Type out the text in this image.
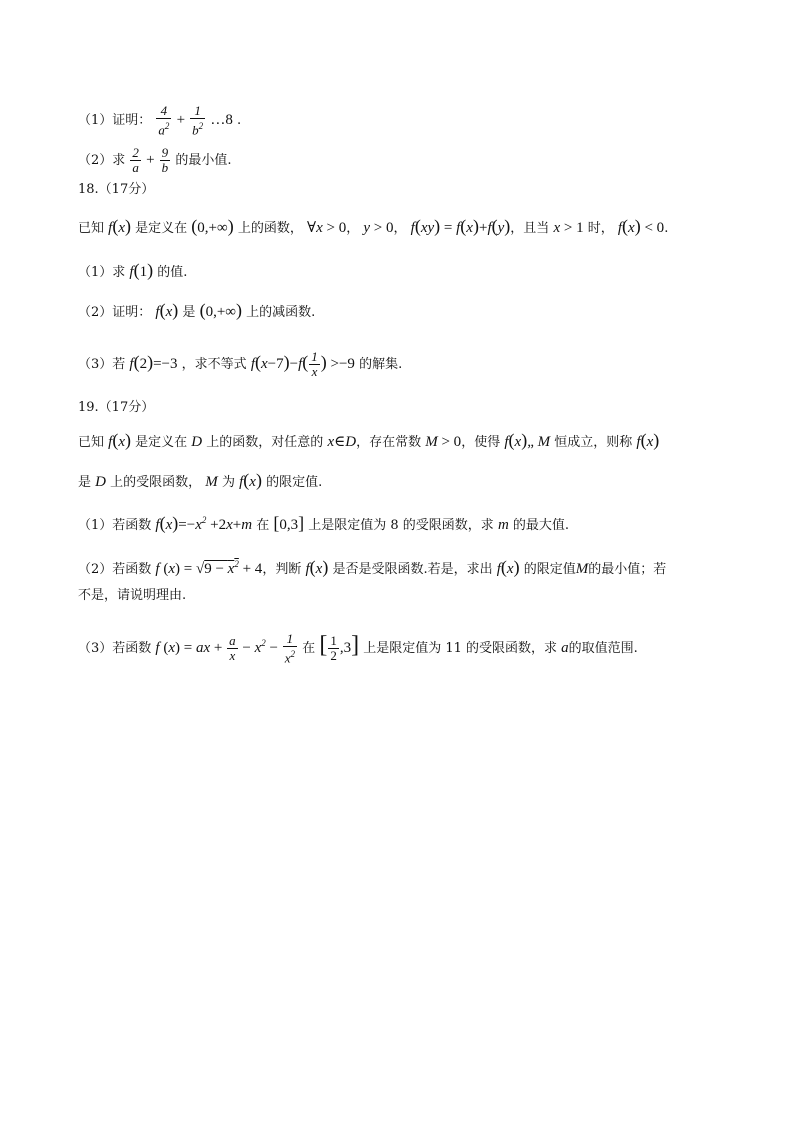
（1）证明： $\frac{4}{a^2} + \frac{1}{b^2}$ …8 .
（2）求 $\frac{2}{a} + \frac{9}{b}$ 的最小值.
18.（17分）
已知 f(x) 是定义在 (0,+∞) 上的函数， ∀x > 0， y > 0， f(xy) = f(x)+f(y)，且当 x > 1 时， f(x) < 0.
（1）求 f(1) 的值.
（2）证明： f(x) 是 (0,+∞) 上的减函数.
（3）若 f(2)=−3 ，求不等式 $f(x-7)-f( \frac{1}{x}$ ) >−9 的解集.
19.（17分）
已知 f(x) 是定义在 D 上的函数，对任意的 x∈D，存在常数 M > 0，使得 f(x)„ M 恒成立，则称 f(x)
是 D 上的受限函数， M 为 f(x) 的限定值.
（1）若函数 $f(x)=-x^2 +2x+m$ 在 [0,3] 上是限定值为 8 的受限函数，求 m 的最大值.
（2）若函数 f $(x) = √9 - x^2 + 4$，判断 f(x) 是否是受限函数.若是，求出 f(x) 的限定值M的最小值；若
不是，请说明理由.
（3）若函数 f (x) = ax + $\frac{a}{x} - x^2 - \frac{1}{x^2}$ 在 [ $\frac{1}{2} ,3$] 上是限定值为 11 的受限函数，求 a的取值范围.
